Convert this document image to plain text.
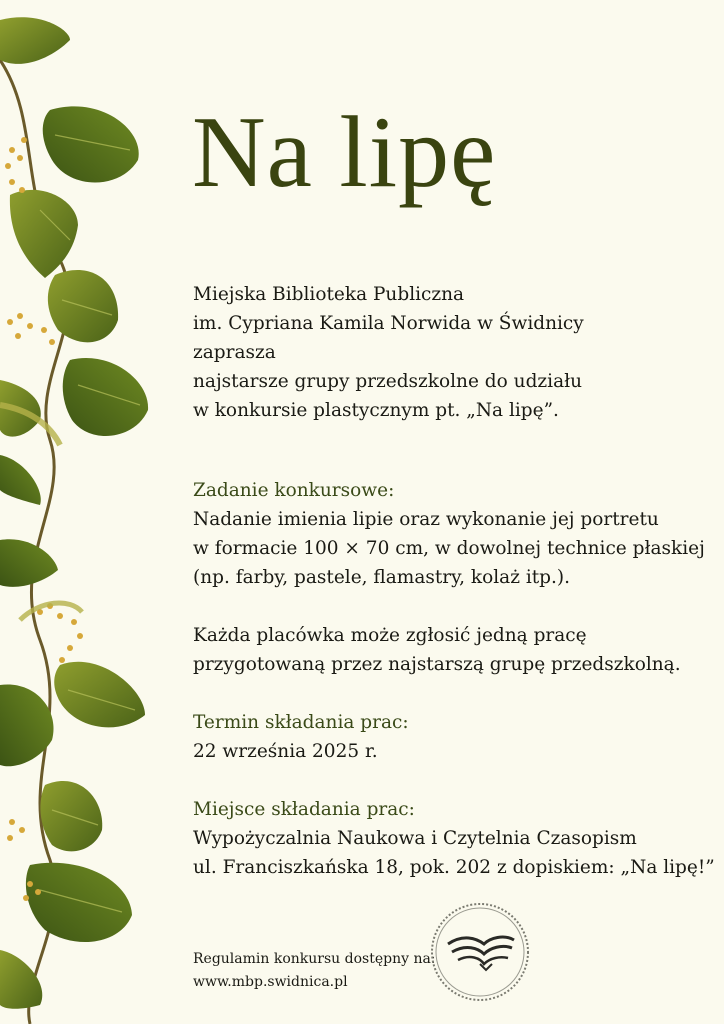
Na lipę

Miejska Biblioteka Publiczna
im. Cypriana Kamila Norwida w Świdnicy
zaprasza
najstarsze grupy przedszkolne do udziału
w konkursie plastycznym pt. „Na lipę”.

Zadanie konkursowe:
Nadanie imienia lipie oraz wykonanie jej portretu
w formacie 100 × 70 cm, w dowolnej technice płaskiej
(np. farby, pastele, flamastry, kolaż itp.).

Każda placówka może zgłosić jedną pracę
przygotowaną przez najstarszą grupę przedszkolną.

Termin składania prac:
22 września 2025 r.

Miejsce składania prac:
Wypożyczalnia Naukowa i Czytelnia Czasopism
ul. Franciszkańska 18, pok. 202 z dopiskiem: „Na lipę!”

Regulamin konkursu dostępny na:
www.mbp.swidnica.pl
